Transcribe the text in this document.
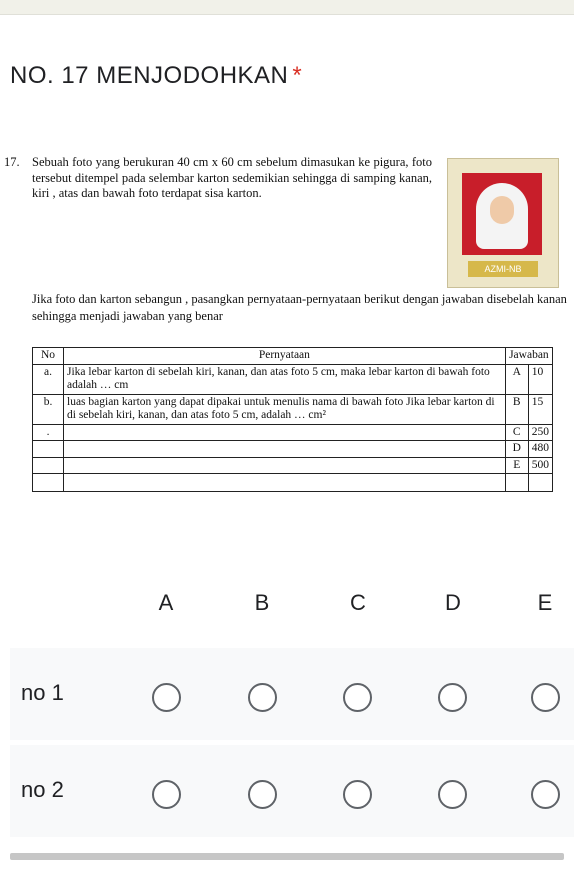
NO. 17 MENJODOHKAN *
17. Sebuah foto yang berukuran 40 cm x 60 cm sebelum dimasukan ke pigura, foto tersebut ditempel pada selembar karton sedemikian sehingga di samping kanan, kiri , atas dan bawah foto terdapat sisa karton.
AZMI-NB
Jika foto dan karton sebangun , pasangkan pernyataan-pernyataan berikut dengan jawaban disebelah kanan sehingga menjadi jawaban yang benar
No	Pernyataan	Jawaban	
a.	Jika lebar karton di sebelah kiri, kanan, dan atas foto 5 cm, maka lebar karton di bawah foto adalah … cm	A	10
b.	luas bagian karton yang dapat dipakai untuk menulis nama di bawah foto Jika lebar karton di di sebelah kiri, kanan, dan atas foto 5 cm, adalah … cm²	B	15
.		C	250
		D	480
		E	500

A	B	C	D	E
no 1
no 2
